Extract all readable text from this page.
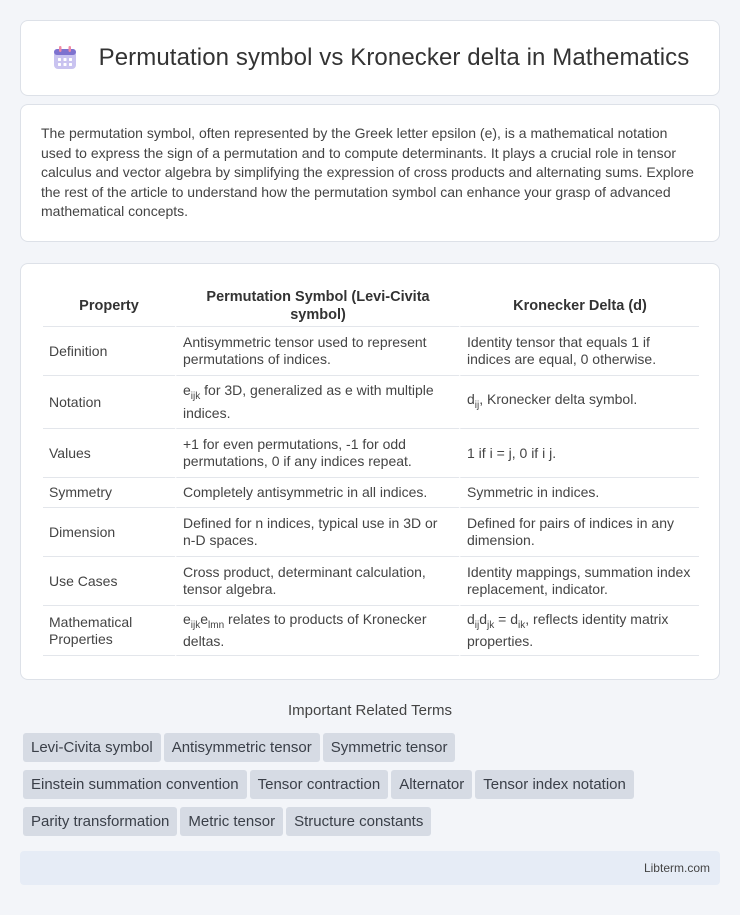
Permutation symbol vs Kronecker delta in Mathematics

The permutation symbol, often represented by the Greek letter epsilon (e), is a mathematical notation used to express the sign of a permutation and to compute determinants. It plays a crucial role in tensor calculus and vector algebra by simplifying the expression of cross products and alternating sums. Explore the rest of the article to understand how the permutation symbol can enhance your grasp of advanced mathematical concepts.

Property	Permutation Symbol (Levi-Civita symbol)	Kronecker Delta (d)
Definition	Antisymmetric tensor used to represent permutations of indices.	Identity tensor that equals 1 if indices are equal, 0 otherwise.
Notation	$e_{ijk}$ for 3D, generalized as e with multiple indices.	$d_{ij}$, Kronecker delta symbol.
Values	+1 for even permutations, -1 for odd permutations, 0 if any indices repeat.	1 if i = j, 0 if i j.
Symmetry	Completely antisymmetric in all indices.	Symmetric in indices.
Dimension	Defined for n indices, typical use in 3D or n-D spaces.	Defined for pairs of indices in any dimension.
Use Cases	Cross product, determinant calculation, tensor algebra.	Identity mappings, summation index replacement, indicator.
Mathematical Properties	$e_{ijk}e_{lmn}$ relates to products of Kronecker deltas.	$d_{ij}d_{jk} = d_{ik}$, reflects identity matrix properties.
Important Related Terms
Levi-Civita symbol Antisymmetric tensor Symmetric tensor
Einstein summation convention Tensor contraction Alternator Tensor index notation
Parity transformation Metric tensor Structure constants
Libterm.com
